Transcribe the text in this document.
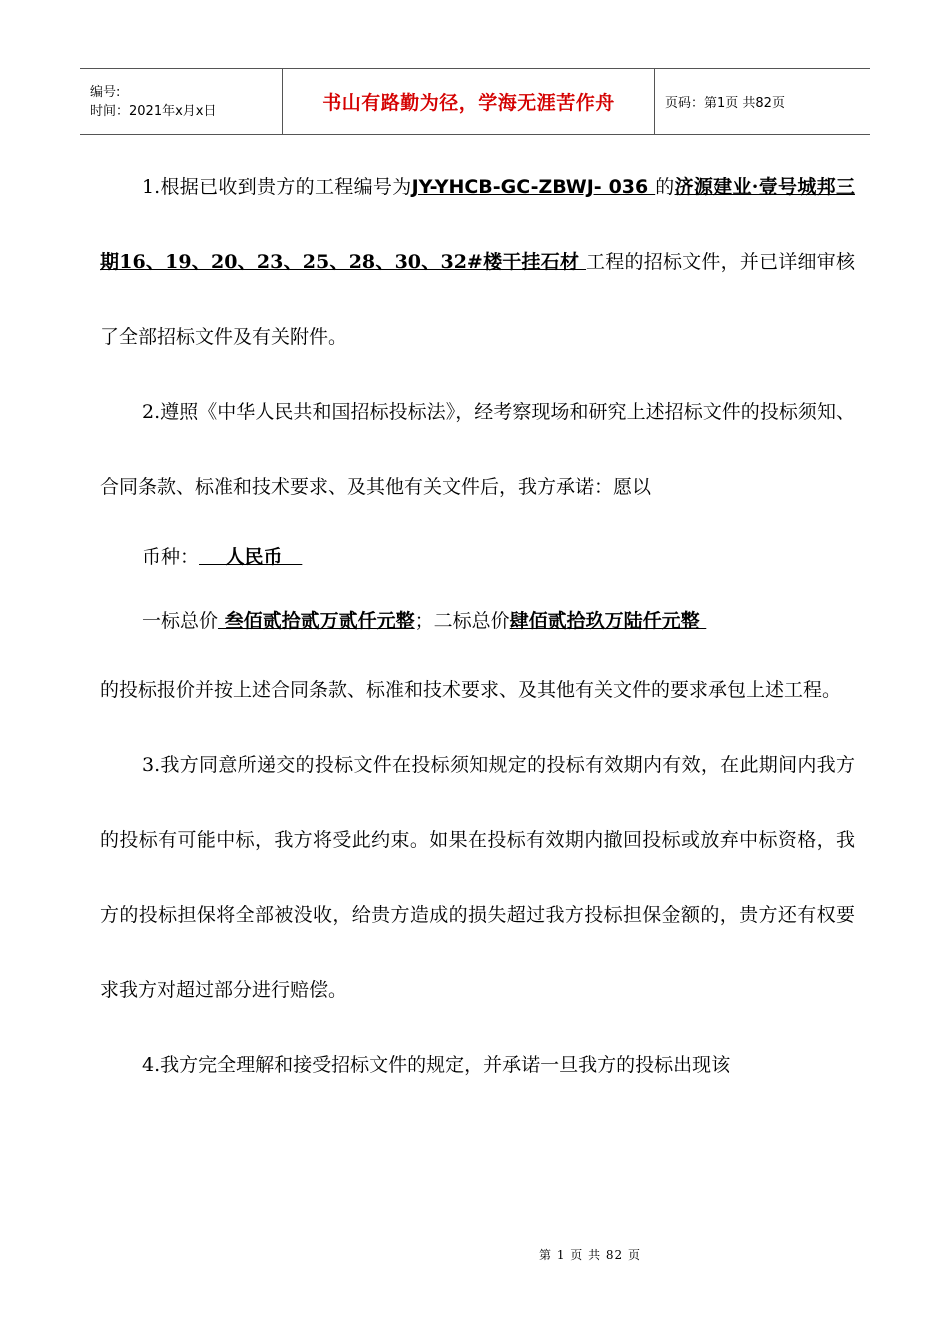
编号:
时间：2021年x月x日	书山有路勤为径，学海无涯苦作舟	页码：第1页 共82页

1.根据已收到贵方的工程编号为JY-YHCB-GC-ZBWJ- 036 的济源建业·壹号城邦三期16、19、20、23、25、28、30、32#楼干挂石材 工程的招标文件，并已详细审核了全部招标文件及有关附件。

2.遵照《中华人民共和国招标投标法》，经考察现场和研究上述招标文件的投标须知、合同条款、标准和技术要求、及其他有关文件后，我方承诺：愿以

币种：    人民币

一标总价 叁佰贰拾贰万贰仟元整；二标总价肆佰贰拾玖万陆仟元整

的投标报价并按上述合同条款、标准和技术要求、及其他有关文件的要求承包上述工程。

3.我方同意所递交的投标文件在投标须知规定的投标有效期内有效，在此期间内我方的投标有可能中标，我方将受此约束。如果在投标有效期内撤回投标或放弃中标资格，我方的投标担保将全部被没收，给贵方造成的损失超过我方投标担保金额的，贵方还有权要求我方对超过部分进行赔偿。

4.我方完全理解和接受招标文件的规定，并承诺一旦我方的投标出现该

第 1 页 共 82 页
